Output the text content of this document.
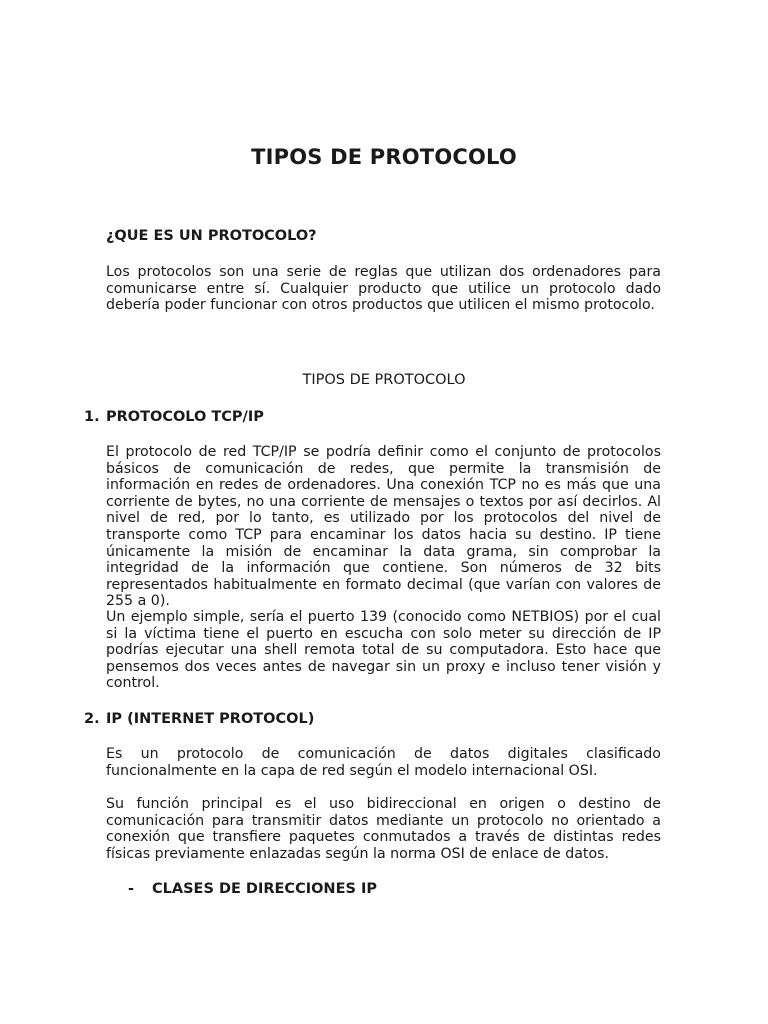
TIPOS DE PROTOCOLO
¿QUE ES UN PROTOCOLO?

Los protocolos son una serie de reglas que utilizan dos ordenadores para comunicarse entre sí. Cualquier producto que utilice un protocolo dado debería poder funcionar con otros productos que utilicen el mismo protocolo.

TIPOS DE PROTOCOLO
1. PROTOCOLO TCP/IP

El protocolo de red TCP/IP se podría definir como el conjunto de protocolos básicos de comunicación de redes, que permite la transmisión de información en redes de ordenadores. Una conexión TCP no es más que una corriente de bytes, no una corriente de mensajes o textos por así decirlos. Al nivel de red, por lo tanto, es utilizado por los protocolos del nivel de transporte como TCP para encaminar los datos hacia su destino. IP tiene únicamente la misión de encaminar la data grama, sin comprobar la integridad de la información que contiene. Son números de 32 bits representados habitualmente en formato decimal (que varían con valores de 255 a 0).

Un ejemplo simple, sería el puerto 139 (conocido como NETBIOS) por el cual si la víctima tiene el puerto en escucha con solo meter su dirección de IP podrías ejecutar una shell remota total de su computadora. Esto hace que pensemos dos veces antes de navegar sin un proxy e incluso tener visión y control.

2. IP (INTERNET PROTOCOL)

Es un protocolo de comunicación de datos digitales clasificado funcionalmente en la capa de red según el modelo internacional OSI.

Su función principal es el uso bidireccional en origen o destino de comunicación para transmitir datos mediante un protocolo no orientado a conexión que transfiere paquetes conmutados a través de distintas redes físicas previamente enlazadas según la norma OSI de enlace de datos.

- CLASES DE DIRECCIONES IP
